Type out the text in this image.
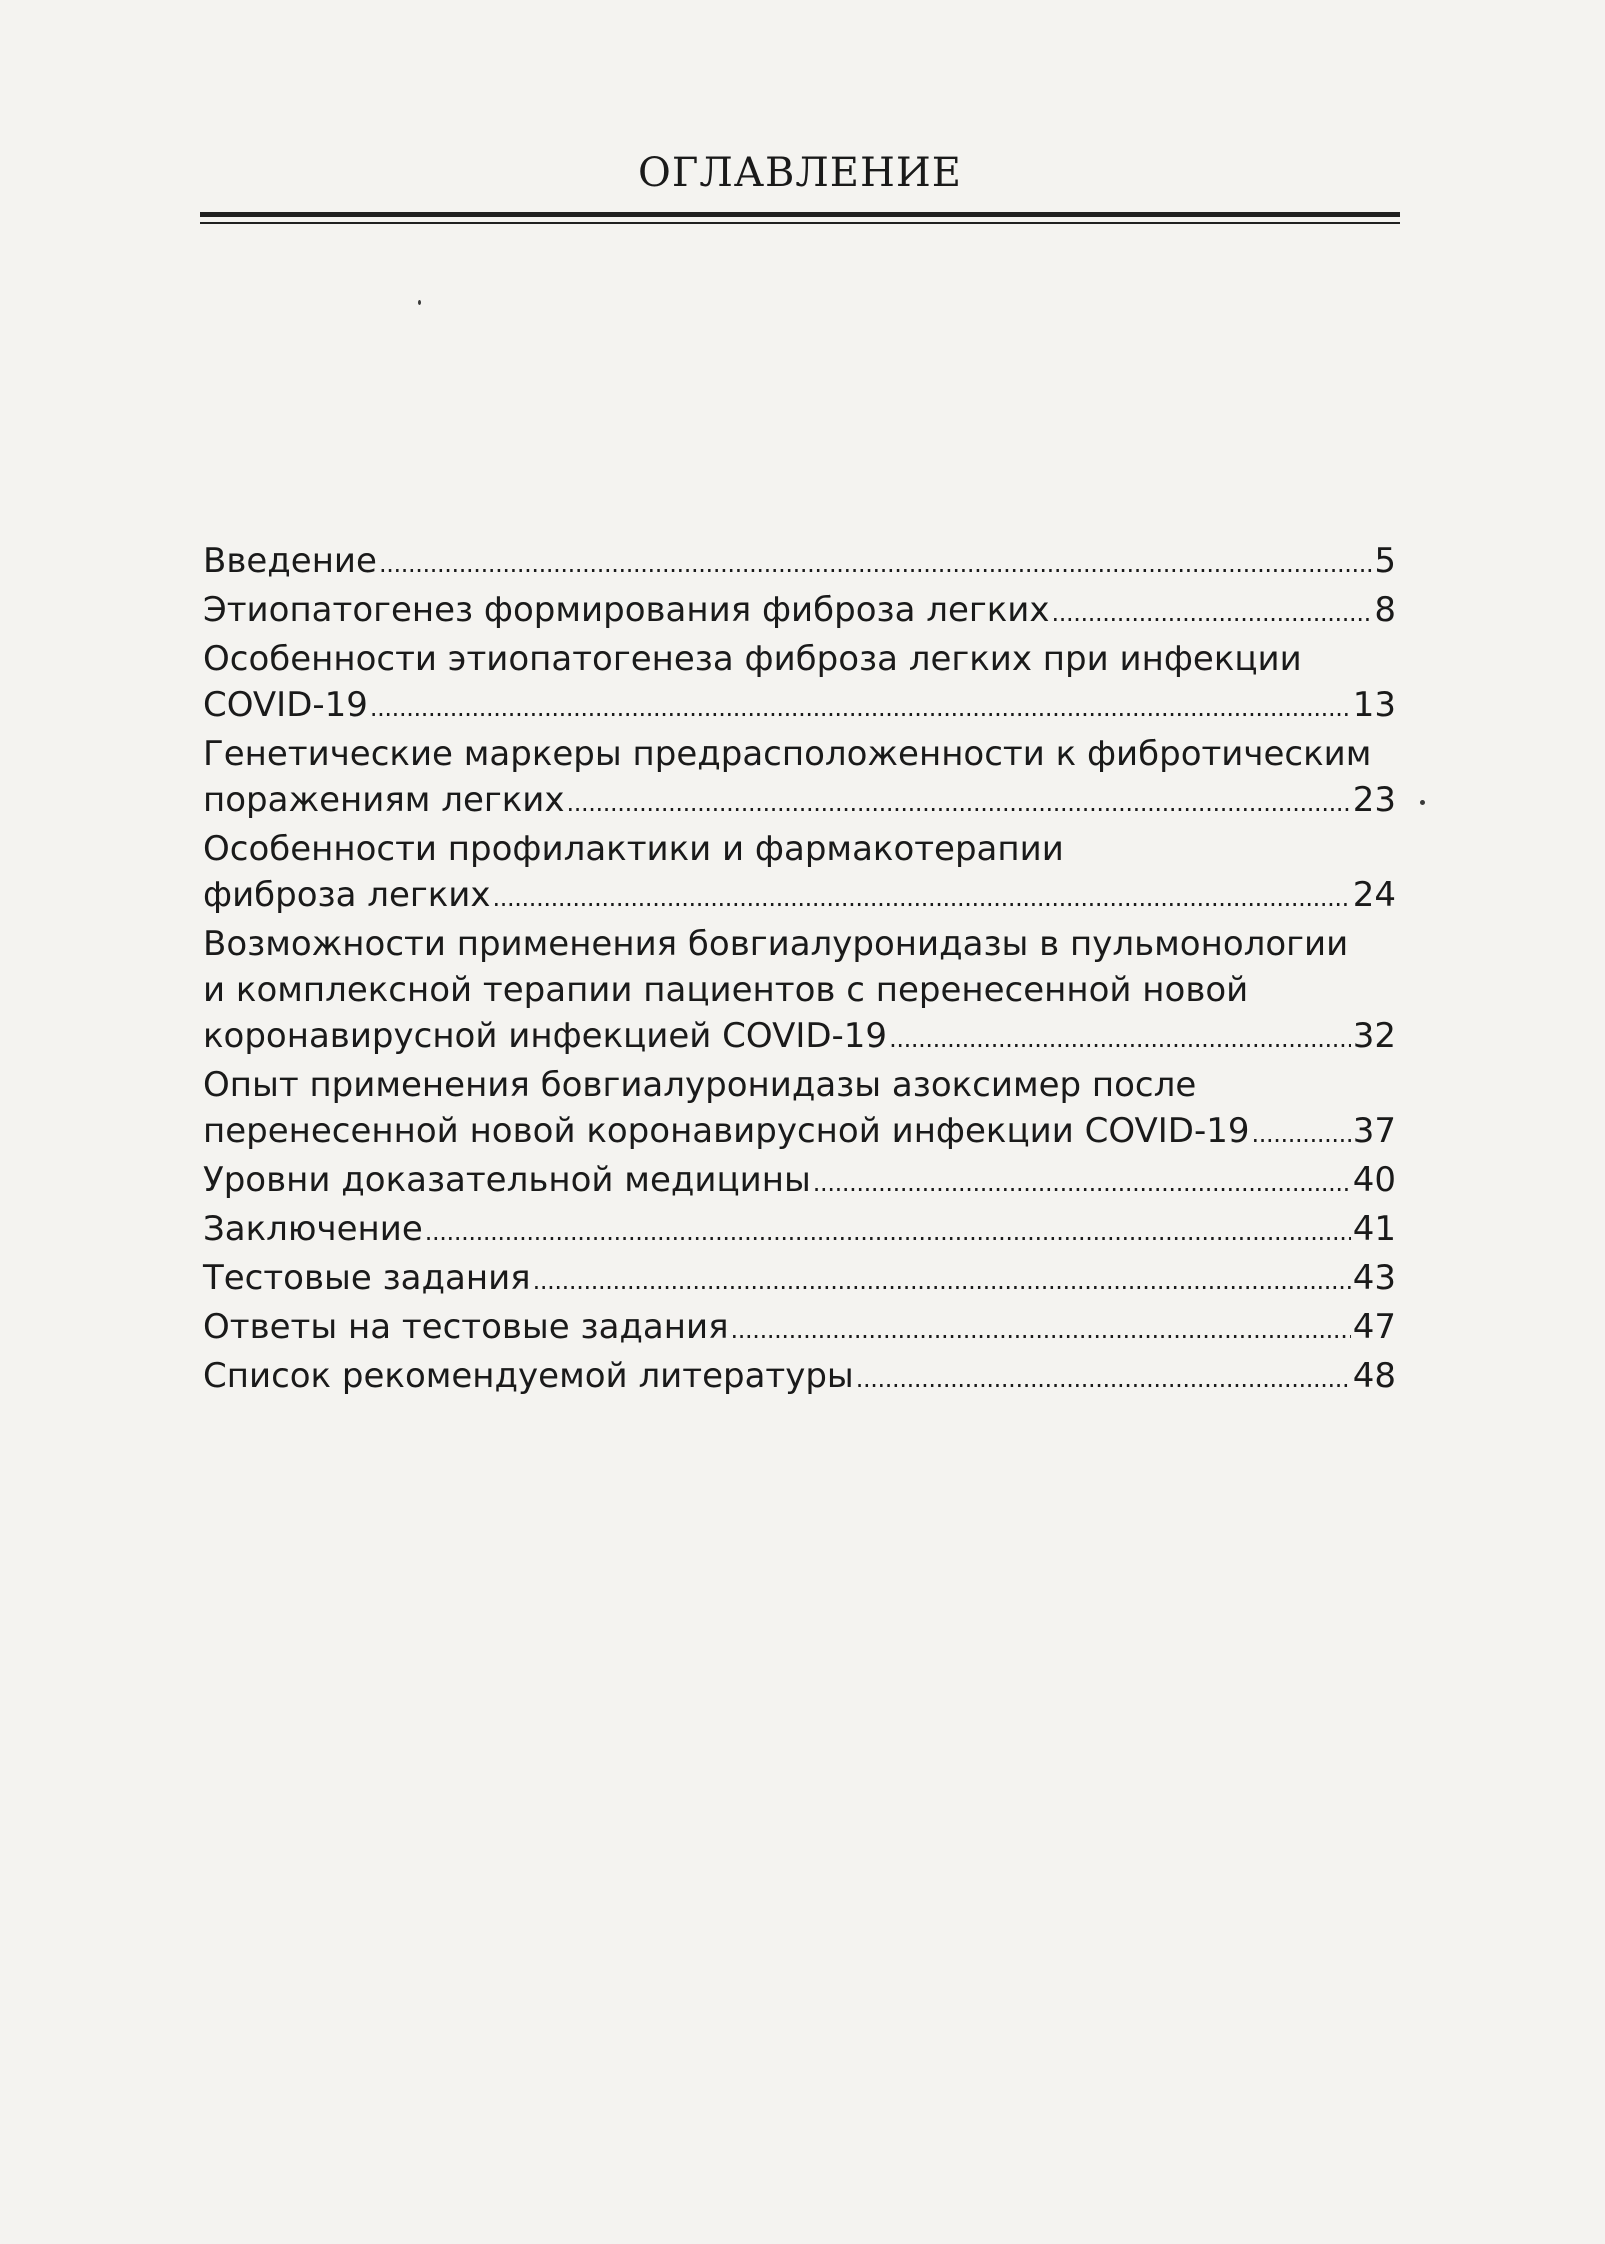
ОГЛАВЛЕНИЕ
Введение . . .	5
Этиопатогенез формирования фиброза легких . . .	8
Особенности этиопатогенеза фиброза легких при инфекции
COVID-19 . . .	13
Генетические маркеры предрасположенности к фибротическим
поражениям легких . . .	23
Особенности профилактики и фармакотерапии
фиброза легких . . .	24
Возможности применения бовгиалуронидазы в пульмонологии
и комплексной терапии пациентов с перенесенной новой
коронавирусной инфекцией COVID-19 . . .	32
Опыт применения бовгиалуронидазы азоксимер после
перенесенной новой коронавирусной инфекции COVID-19 . . .	37
Уровни доказательной медицины . . .	40
Заключение . . .	41
Тестовые задания . . .	43
Ответы на тестовые задания . . .	47
Список рекомендуемой литературы . . .	48
